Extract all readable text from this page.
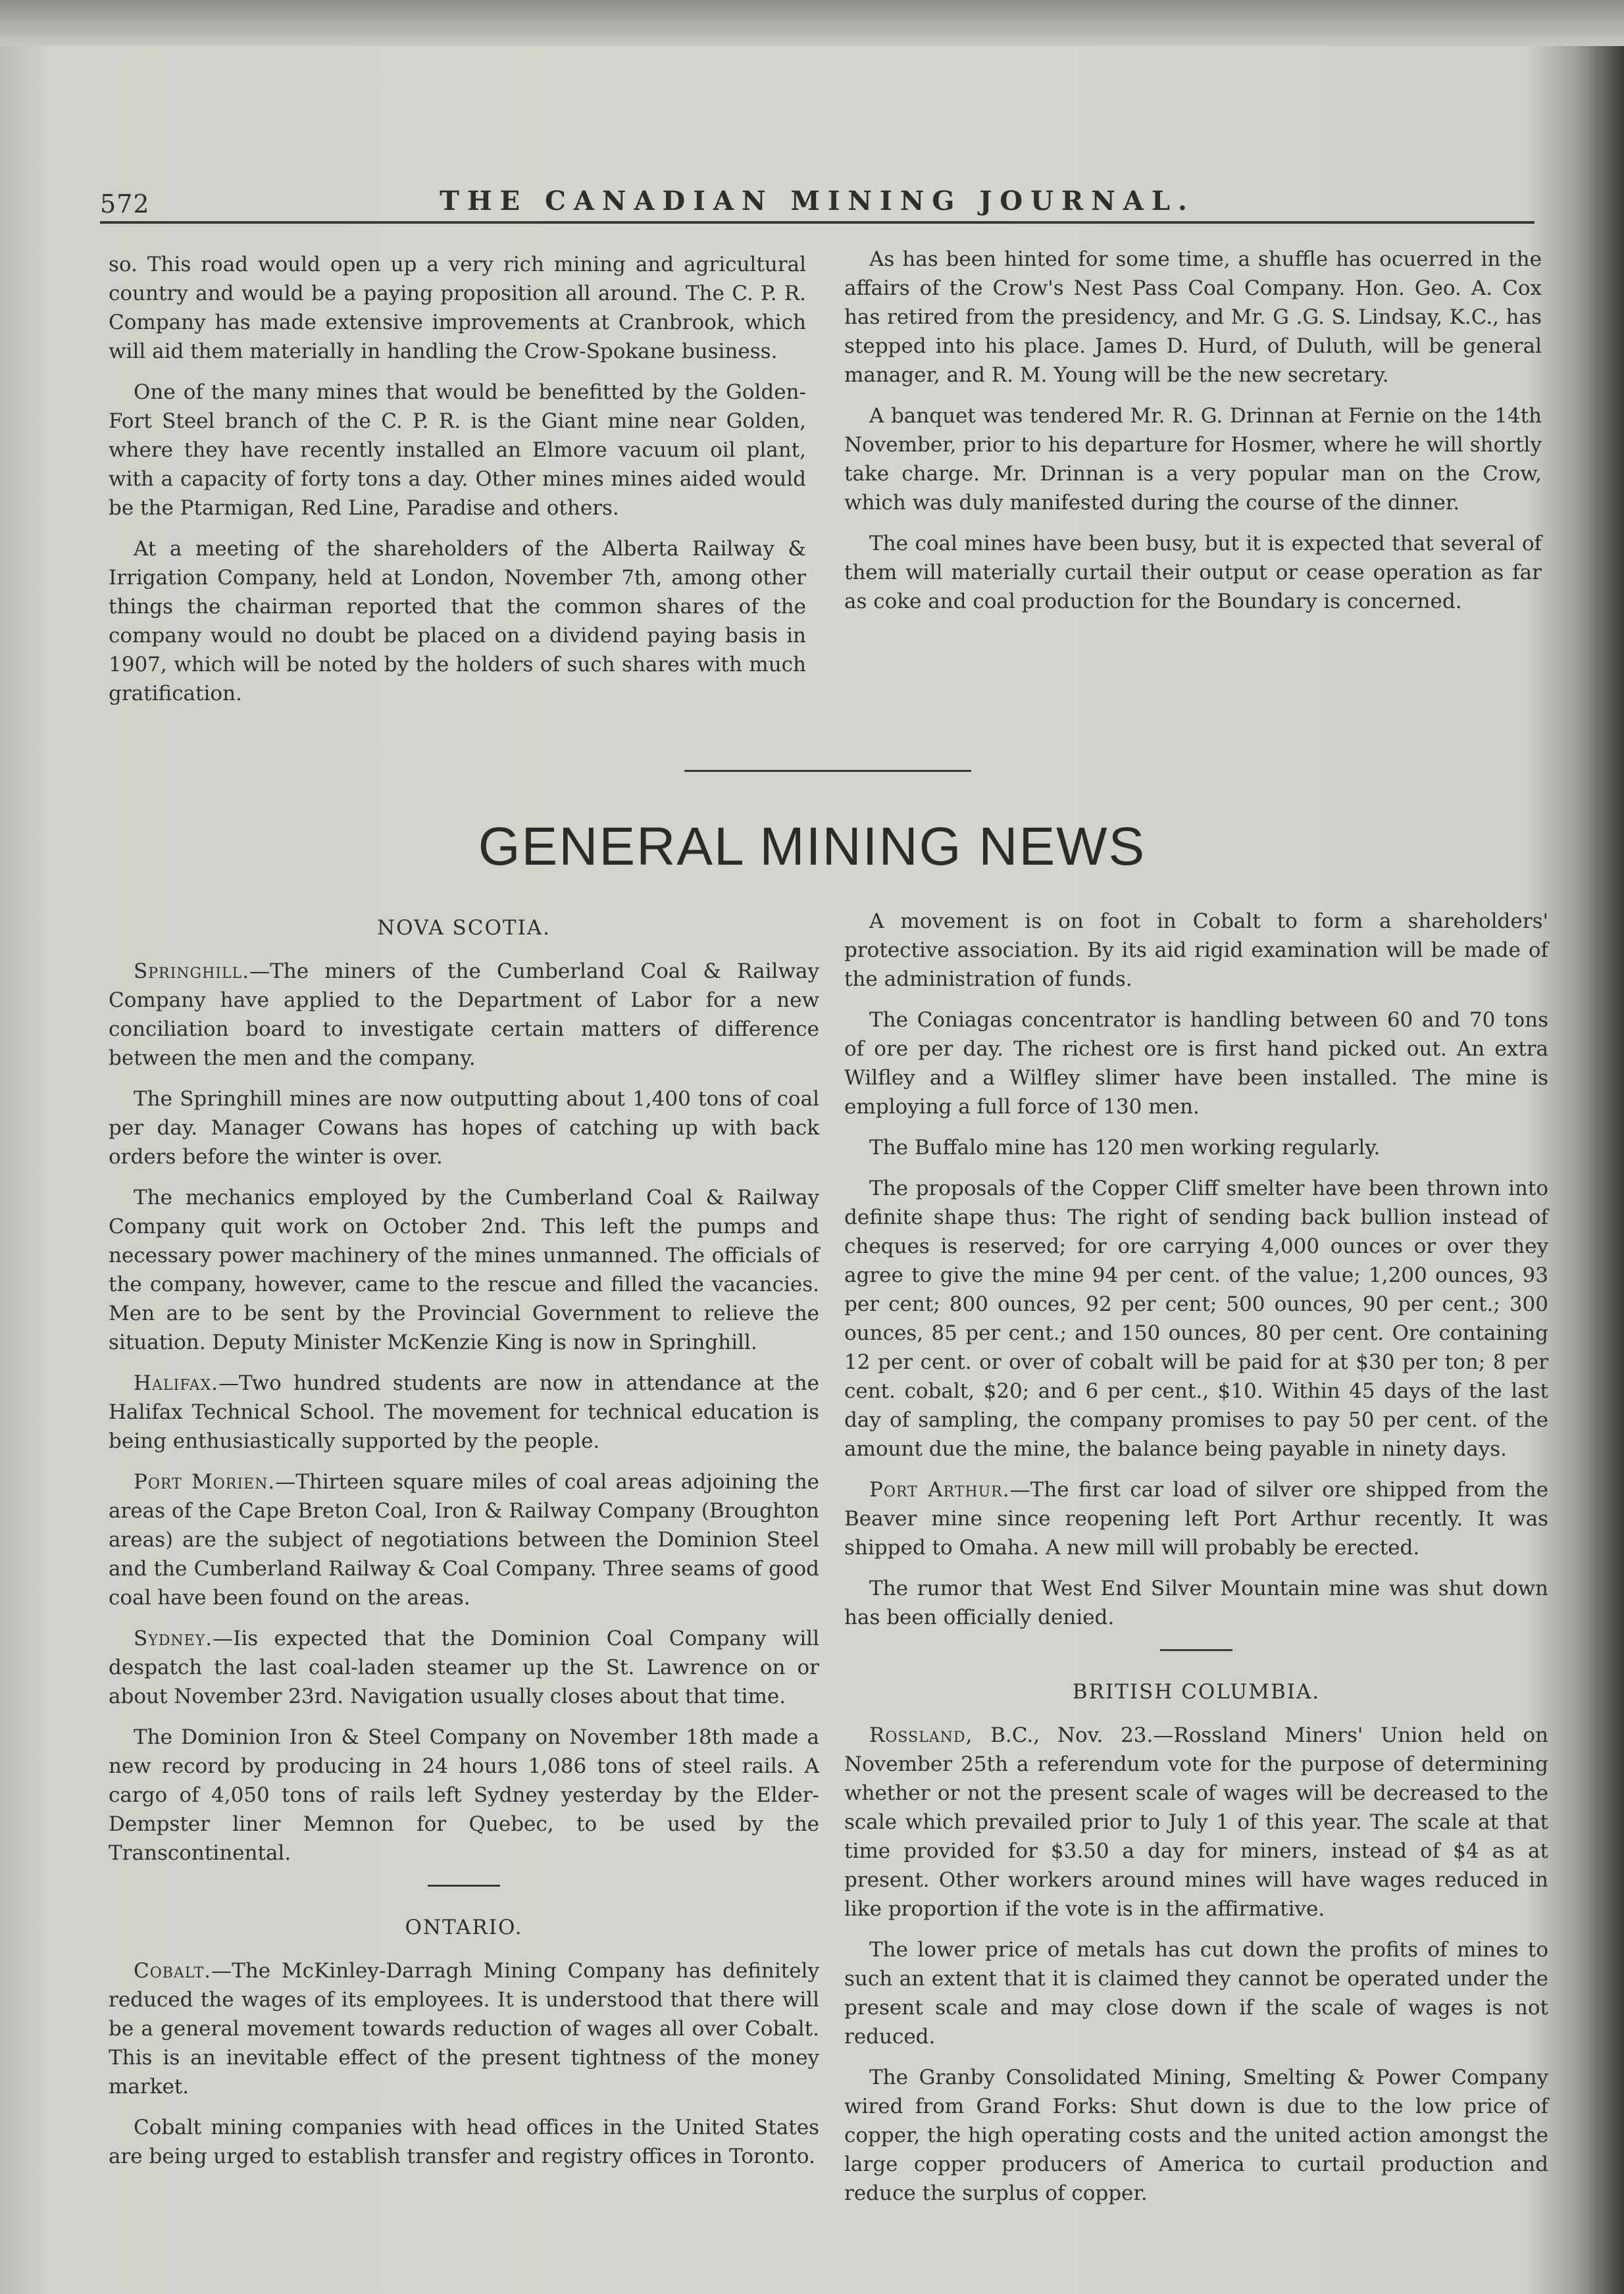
572	THE CANADIAN MINING JOURNAL.

so. This road would open up a very rich mining and agricultural country and would be a paying proposition all around. The C. P. R. Company has made extensive improvements at Cranbrook, which will aid them materially in handling the Crow-Spokane business.

One of the many mines that would be benefitted by the Golden-Fort Steel branch of the C. P. R. is the Giant mine near Golden, where they have recently installed an Elmore vacuum oil plant, with a capacity of forty tons a day. Other mines mines aided would be the Ptarmigan, Red Line, Paradise and others.

At a meeting of the shareholders of the Alberta Railway & Irrigation Company, held at London, November 7th, among other things the chairman reported that the common shares of the company would no doubt be placed on a dividend paying basis in 1907, which will be noted by the holders of such shares with much gratification.

As has been hinted for some time, a shuffle has ocuerred in the affairs of the Crow's Nest Pass Coal Company. Hon. Geo. A. Cox has retired from the presidency, and Mr. G .G. S. Lindsay, K.C., has stepped into his place. James D. Hurd, of Duluth, will be general manager, and R. M. Young will be the new secretary.

A banquet was tendered Mr. R. G. Drinnan at Fernie on the 14th November, prior to his departure for Hosmer, where he will shortly take charge. Mr. Drinnan is a very popular man on the Crow, which was duly manifested during the course of the dinner.

The coal mines have been busy, but it is expected that several of them will materially curtail their output or cease operation as far as coke and coal production for the Boundary is concerned.

GENERAL MINING NEWS
NOVA SCOTIA.

Springhill.—The miners of the Cumberland Coal & Railway Company have applied to the Department of Labor for a new conciliation board to investigate certain matters of difference between the men and the company.

The Springhill mines are now outputting about 1,400 tons of coal per day. Manager Cowans has hopes of catching up with back orders before the winter is over.

The mechanics employed by the Cumberland Coal & Railway Company quit work on October 2nd. This left the pumps and necessary power machinery of the mines unmanned. The officials of the company, however, came to the rescue and filled the vacancies. Men are to be sent by the Provincial Government to relieve the situation. Deputy Minister McKenzie King is now in Springhill.

Halifax.—Two hundred students are now in attendance at the Halifax Technical School. The movement for technical education is being enthusiastically supported by the people.

Port Morien.—Thirteen square miles of coal areas adjoining the areas of the Cape Breton Coal, Iron & Railway Company (Broughton areas) are the subject of negotiations between the Dominion Steel and the Cumberland Railway & Coal Company. Three seams of good coal have been found on the areas.

Sydney.—Iis expected that the Dominion Coal Company will despatch the last coal-laden steamer up the St. Lawrence on or about November 23rd. Navigation usually closes about that time.

The Dominion Iron & Steel Company on November 18th made a new record by producing in 24 hours 1,086 tons of steel rails. A cargo of 4,050 tons of rails left Sydney yesterday by the Elder-Dempster liner Memnon for Quebec, to be used by the Transcontinental.

ONTARIO.

Cobalt.—The McKinley-Darragh Mining Company has definitely reduced the wages of its employees. It is understood that there will be a general movement towards reduction of wages all over Cobalt. This is an inevitable effect of the present tightness of the money market.

Cobalt mining companies with head offices in the United States are being urged to establish transfer and registry offices in Toronto.

A movement is on foot in Cobalt to form a shareholders' protective association. By its aid rigid examination will be made of the administration of funds.

The Coniagas concentrator is handling between 60 and 70 tons of ore per day. The richest ore is first hand picked out. An extra Wilfley and a Wilfley slimer have been installed. The mine is employing a full force of 130 men.

The Buffalo mine has 120 men working regularly.

The proposals of the Copper Cliff smelter have been thrown into definite shape thus: The right of sending back bullion instead of cheques is reserved; for ore carrying 4,000 ounces or over they agree to give the mine 94 per cent. of the value; 1,200 ounces, 93 per cent; 800 ounces, 92 per cent; 500 ounces, 90 per cent.; 300 ounces, 85 per cent.; and 150 ounces, 80 per cent. Ore containing 12 per cent. or over of cobalt will be paid for at $30 per ton; 8 per cent. cobalt, $20; and 6 per cent., $10. Within 45 days of the last day of sampling, the company promises to pay 50 per cent. of the amount due the mine, the balance being payable in ninety days.

Port Arthur.—The first car load of silver ore shipped from the Beaver mine since reopening left Port Arthur recently. It was shipped to Omaha. A new mill will probably be erected.

The rumor that West End Silver Mountain mine was shut down has been officially denied.

BRITISH COLUMBIA.

Rossland, B.C., Nov. 23.—Rossland Miners' Union held on November 25th a referendum vote for the purpose of determining whether or not the present scale of wages will be decreased to the scale which prevailed prior to July 1 of this year. The scale at that time provided for $3.50 a day for miners, instead of $4 as at present. Other workers around mines will have wages reduced in like proportion if the vote is in the affirmative.

The lower price of metals has cut down the profits of mines to such an extent that it is claimed they cannot be operated under the present scale and may close down if the scale of wages is not reduced.

The Granby Consolidated Mining, Smelting & Power Company wired from Grand Forks: Shut down is due to the low price of copper, the high operating costs and the united action amongst the large copper producers of America to curtail production and reduce the surplus of copper.
